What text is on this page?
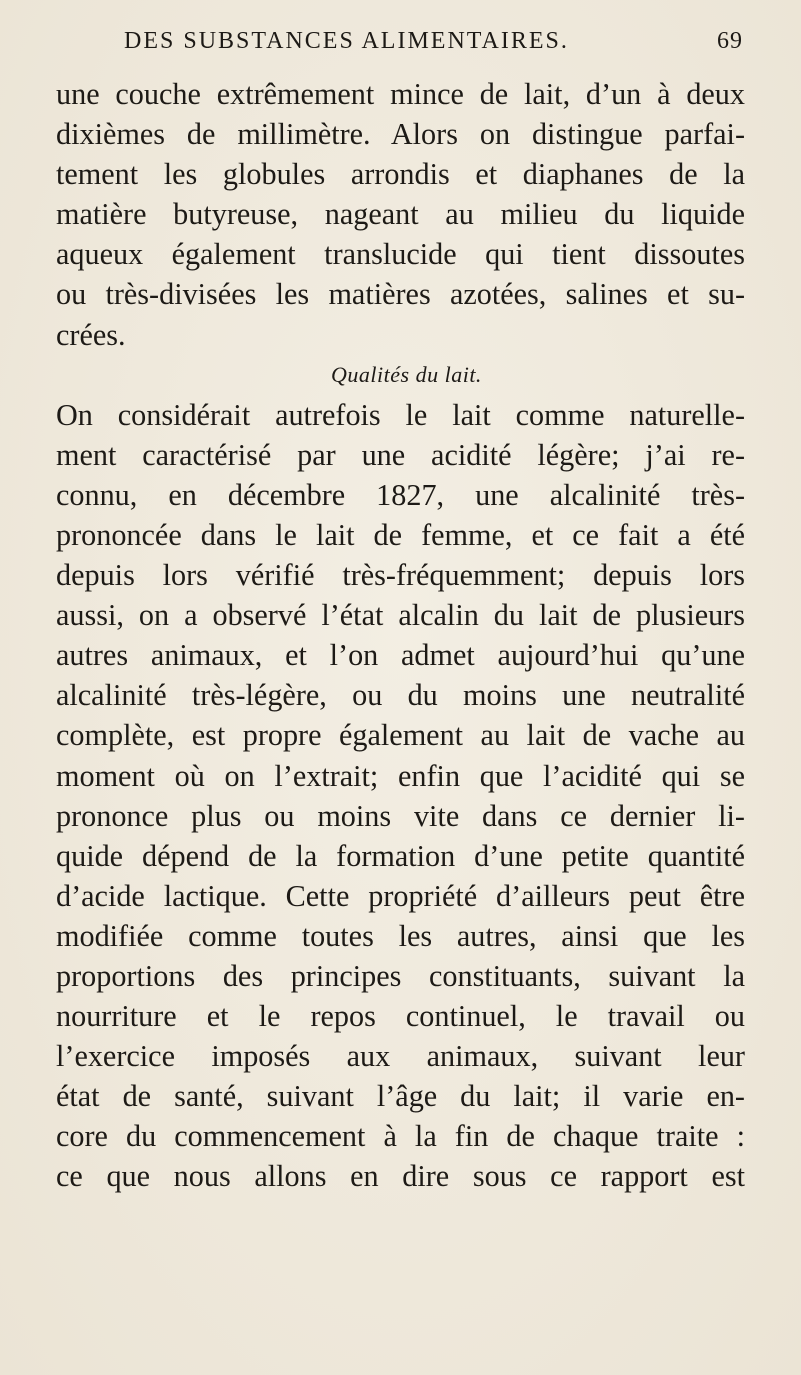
DES SUBSTANCES ALIMENTAIRES.	69
une couche extrêmement mince de lait, d’un à deux
dixièmes de millimètre. Alors on distingue parfai-
tement les globules arrondis et diaphanes de la
matière butyreuse, nageant au milieu du liquide
aqueux également translucide qui tient dissoutes
ou très-divisées les matières azotées, salines et su-
crées.
Qualités du lait.
On considérait autrefois le lait comme naturelle-
ment caractérisé par une acidité légère; j’ai re-
connu, en décembre 1827, une alcalinité très-
prononcée dans le lait de femme, et ce fait a été
depuis lors vérifié très-fréquemment; depuis lors
aussi, on a observé l’état alcalin du lait de plusieurs
autres animaux, et l’on admet aujourd’hui qu’une
alcalinité très-légère, ou du moins une neutralité
complète, est propre également au lait de vache au
moment où on l’extrait; enfin que l’acidité qui se
prononce plus ou moins vite dans ce dernier li-
quide dépend de la formation d’une petite quantité
d’acide lactique. Cette propriété d’ailleurs peut être
modifiée comme toutes les autres, ainsi que les
proportions des principes constituants, suivant la
nourriture et le repos continuel, le travail ou
l’exercice imposés aux animaux, suivant leur
état de santé, suivant l’âge du lait; il varie en-
core du commencement à la fin de chaque traite :
ce que nous allons en dire sous ce rapport est
